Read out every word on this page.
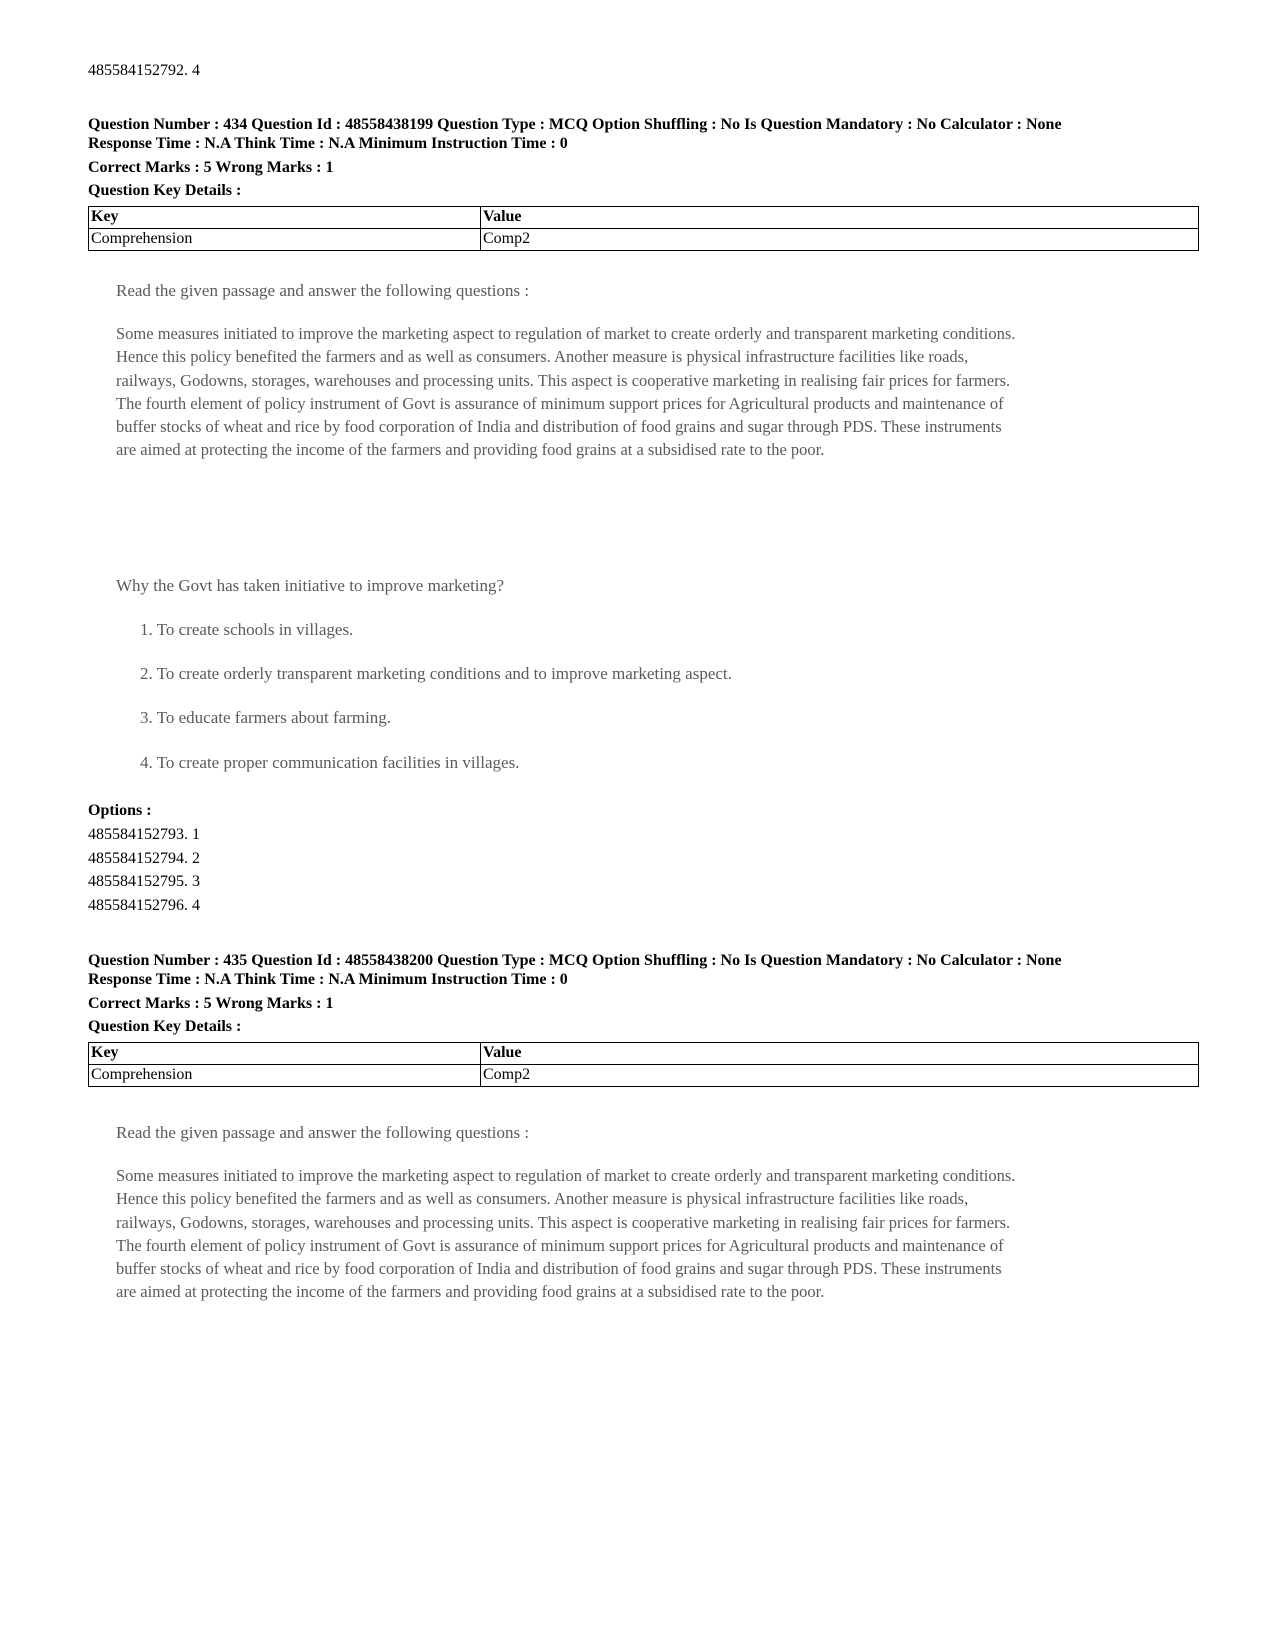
485584152792. 4
Question Number : 434 Question Id : 48558438199 Question Type : MCQ Option Shuffling : No Is Question Mandatory : No Calculator : None
Response Time : N.A Think Time : N.A Minimum Instruction Time : 0
Correct Marks : 5 Wrong Marks : 1
Question Key Details :
Key	Value
Comprehension	Comp2
Read the given passage and answer the following questions :
Some measures initiated to improve the marketing aspect to regulation of market to create orderly and transparent marketing conditions. Hence this policy benefited the farmers and as well as consumers. Another measure is physical infrastructure facilities like roads, railways, Godowns, storages, warehouses and processing units. This aspect is cooperative marketing in realising fair prices for farmers. The fourth element of policy instrument of Govt is assurance of minimum support prices for Agricultural products and maintenance of buffer stocks of wheat and rice by food corporation of India and distribution of food grains and sugar through PDS. These instruments are aimed at protecting the income of the farmers and providing food grains at a subsidised rate to the poor.
Why the Govt has taken initiative to improve marketing?
1. To create schools in villages.
2. To create orderly transparent marketing conditions and to improve marketing aspect.
3. To educate farmers about farming.
4. To create proper communication facilities in villages.
Options :
485584152793. 1
485584152794. 2
485584152795. 3
485584152796. 4
Question Number : 435 Question Id : 48558438200 Question Type : MCQ Option Shuffling : No Is Question Mandatory : No Calculator : None
Response Time : N.A Think Time : N.A Minimum Instruction Time : 0
Correct Marks : 5 Wrong Marks : 1
Question Key Details :
Key	Value
Comprehension	Comp2
Read the given passage and answer the following questions :
Some measures initiated to improve the marketing aspect to regulation of market to create orderly and transparent marketing conditions. Hence this policy benefited the farmers and as well as consumers. Another measure is physical infrastructure facilities like roads, railways, Godowns, storages, warehouses and processing units. This aspect is cooperative marketing in realising fair prices for farmers. The fourth element of policy instrument of Govt is assurance of minimum support prices for Agricultural products and maintenance of buffer stocks of wheat and rice by food corporation of India and distribution of food grains and sugar through PDS. These instruments are aimed at protecting the income of the farmers and providing food grains at a subsidised rate to the poor.
